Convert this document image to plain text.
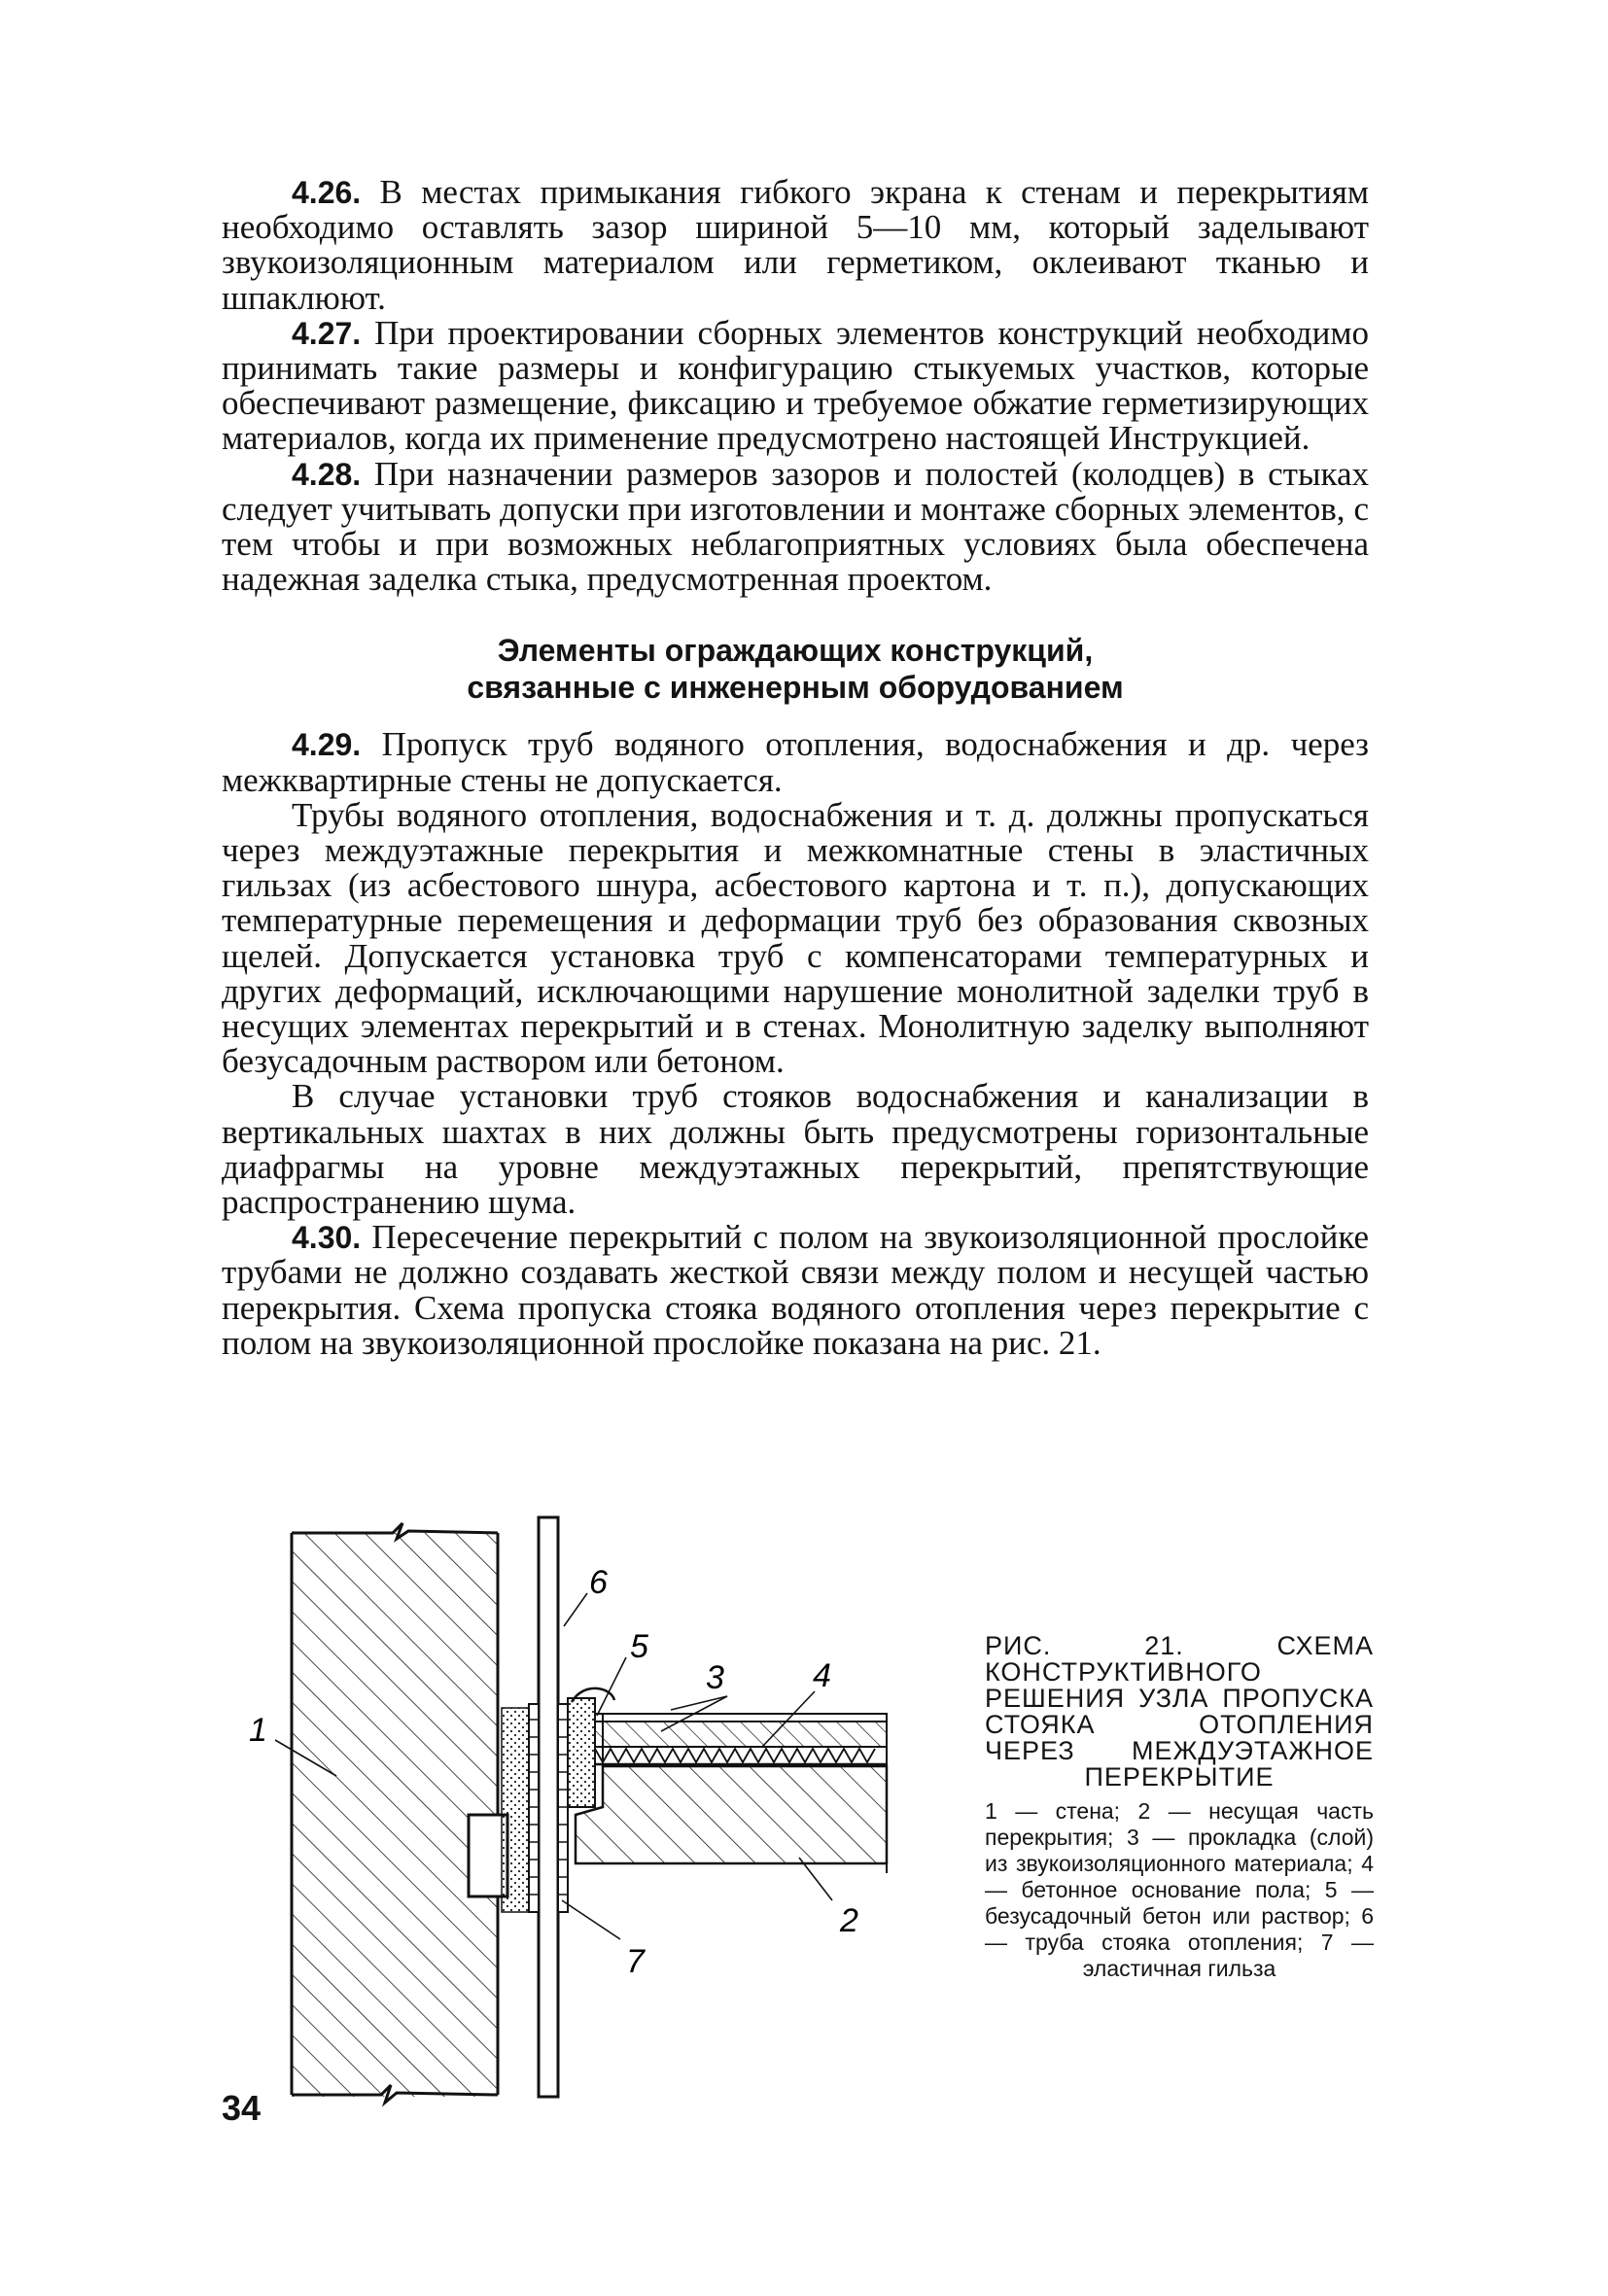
4.26. В местах примыкания гибкого экрана к стенам и перекрытиям необходимо оставлять зазор шириной 5—10 мм, который заделывают звукоизоляционным материалом или герметиком, оклеивают тканью и шпаклюют.

4.27. При проектировании сборных элементов конструкций необходимо принимать такие размеры и конфигурацию стыкуемых участков, которые обеспечивают размещение, фиксацию и требуемое обжатие герметизирующих материалов, когда их применение предусмотрено настоящей Инструкцией.

4.28. При назначении размеров зазоров и полостей (колодцев) в стыках следует учитывать допуски при изготовлении и монтаже сборных элементов, с тем чтобы и при возможных неблагоприятных условиях была обеспечена надежная заделка стыка, предусмотренная проектом.

Элементы ограждающих конструкций,
связанные с инженерным оборудованием

4.29. Пропуск труб водяного отопления, водоснабжения и др. через межквартирные стены не допускается.

Трубы водяного отопления, водоснабжения и т. д. должны пропускаться через междуэтажные перекрытия и межкомнатные стены в эластичных гильзах (из асбестового шнура, асбестового картона и т. п.), допускающих температурные перемещения и деформации труб без образования сквозных щелей. Допускается установка труб с компенсаторами температурных и других деформаций, исключающими нарушение монолитной заделки труб в несущих элементах перекрытий и в стенах. Монолитную заделку выполняют безусадочным раствором или бетоном.

В случае установки труб стояков водоснабжения и канализации в вертикальных шахтах в них должны быть предусмотрены горизонтальные диафрагмы на уровне междуэтажных перекрытий, препятствующие распространению шума.

4.30. Пересечение перекрытий с полом на звукоизоляционной прослойке трубами не должно создавать жесткой связи между полом и несущей частью перекрытия. Схема пропуска стояка водяного отопления через перекрытие с полом на звукоизоляционной прослойке показана на рис. 21.

1
6
5
3	4
2
7

РИС. 21. СХЕМА КОНСТРУКТИВНОГО РЕШЕНИЯ УЗЛА ПРОПУСКА СТОЯКА ОТОПЛЕНИЯ ЧЕРЕЗ МЕЖДУЭТАЖНОЕ ПЕРЕКРЫТИЕ

1 — стена; 2 — несущая часть перекрытия; 3 — прокладка (слой) из звукоизоляционного материала; 4 — бетонное основание пола; 5 — безусадочный бетон или раствор; 6 — труба стояка отопления; 7 — эластичная гильза

34
